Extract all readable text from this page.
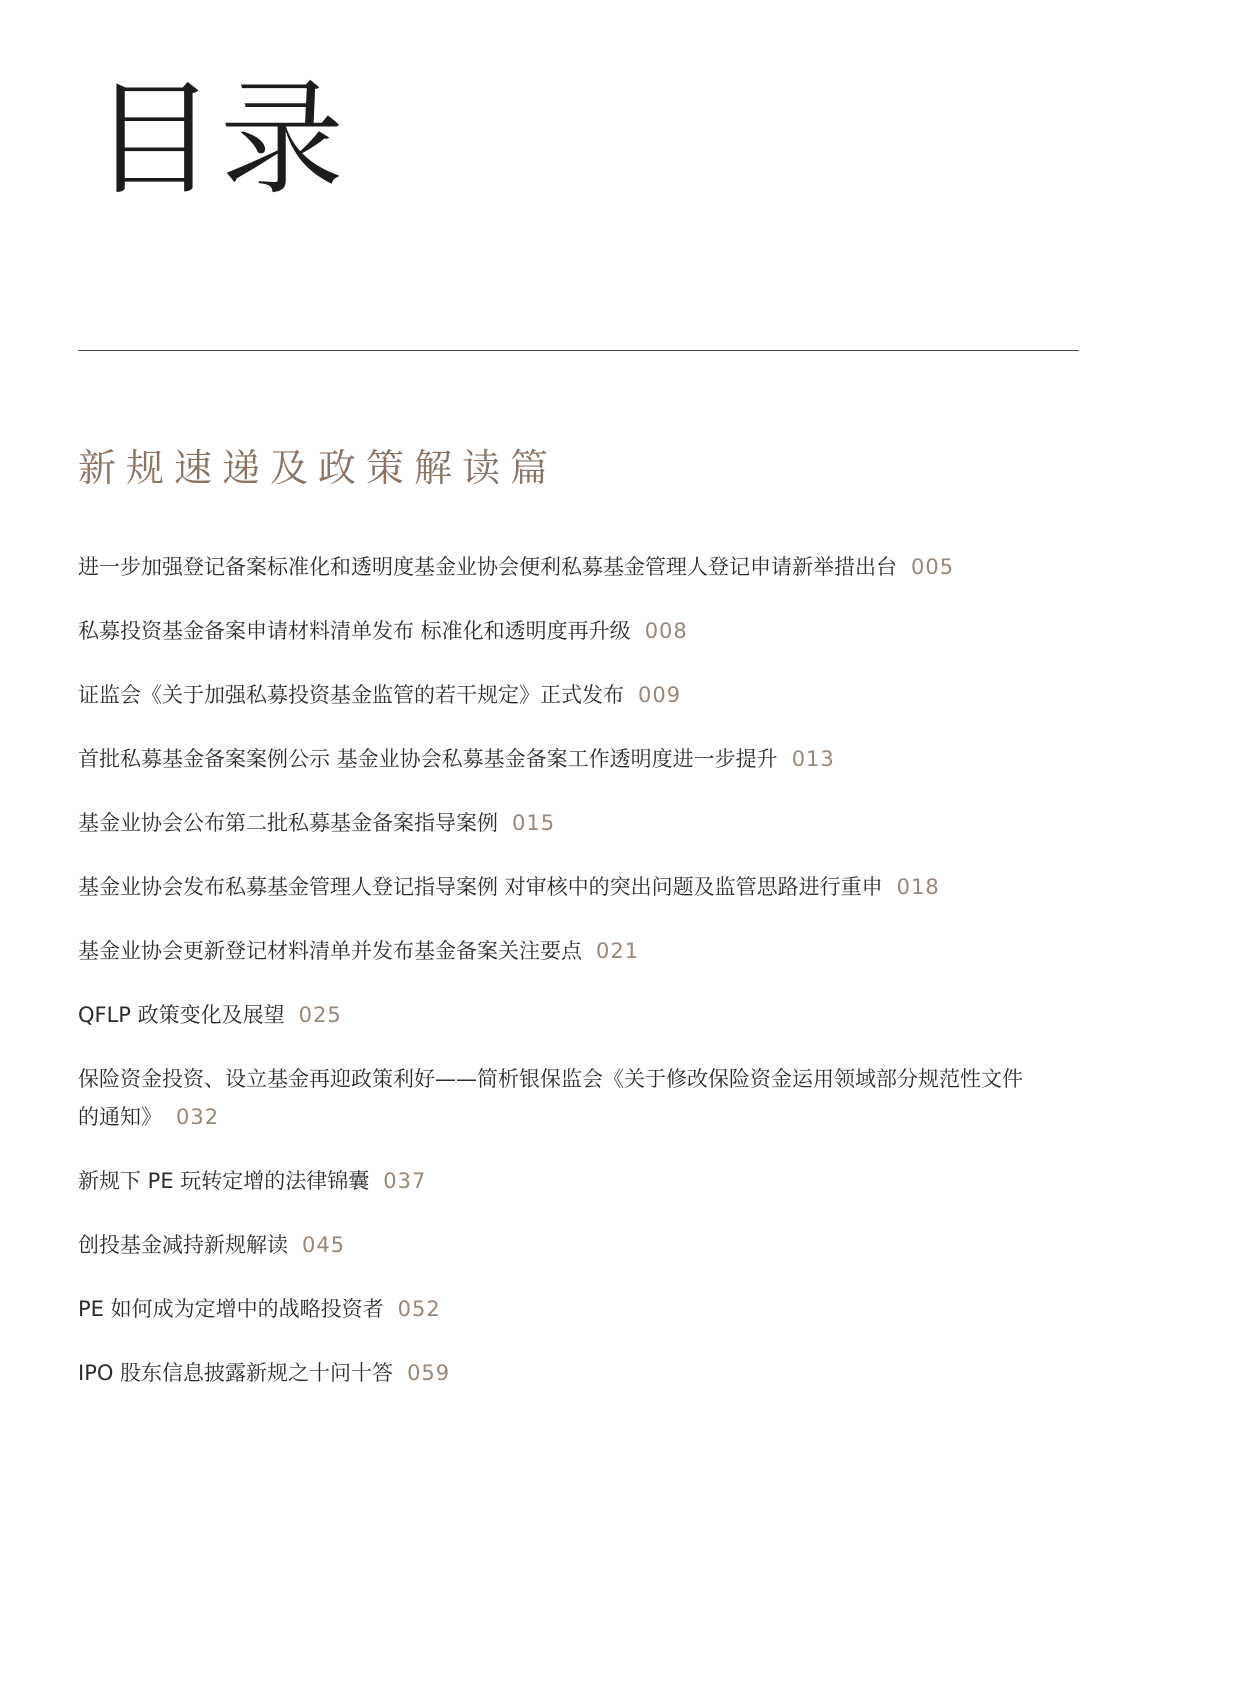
目录
新规速递及政策解读篇
进一步加强登记备案标准化和透明度基金业协会便利私募基金管理人登记申请新举措出台 005
私募投资基金备案申请材料清单发布 标准化和透明度再升级 008
证监会《关于加强私募投资基金监管的若干规定》正式发布 009
首批私募基金备案案例公示 基金业协会私募基金备案工作透明度进一步提升 013
基金业协会公布第二批私募基金备案指导案例 015
基金业协会发布私募基金管理人登记指导案例 对审核中的突出问题及监管思路进行重申 018
基金业协会更新登记材料清单并发布基金备案关注要点 021
QFLP 政策变化及展望 025
保险资金投资、设立基金再迎政策利好——简析银保监会《关于修改保险资金运用领域部分规范性文件的通知》 032
新规下 PE 玩转定增的法律锦囊 037
创投基金减持新规解读 045
PE 如何成为定增中的战略投资者 052
IPO 股东信息披露新规之十问十答 059
